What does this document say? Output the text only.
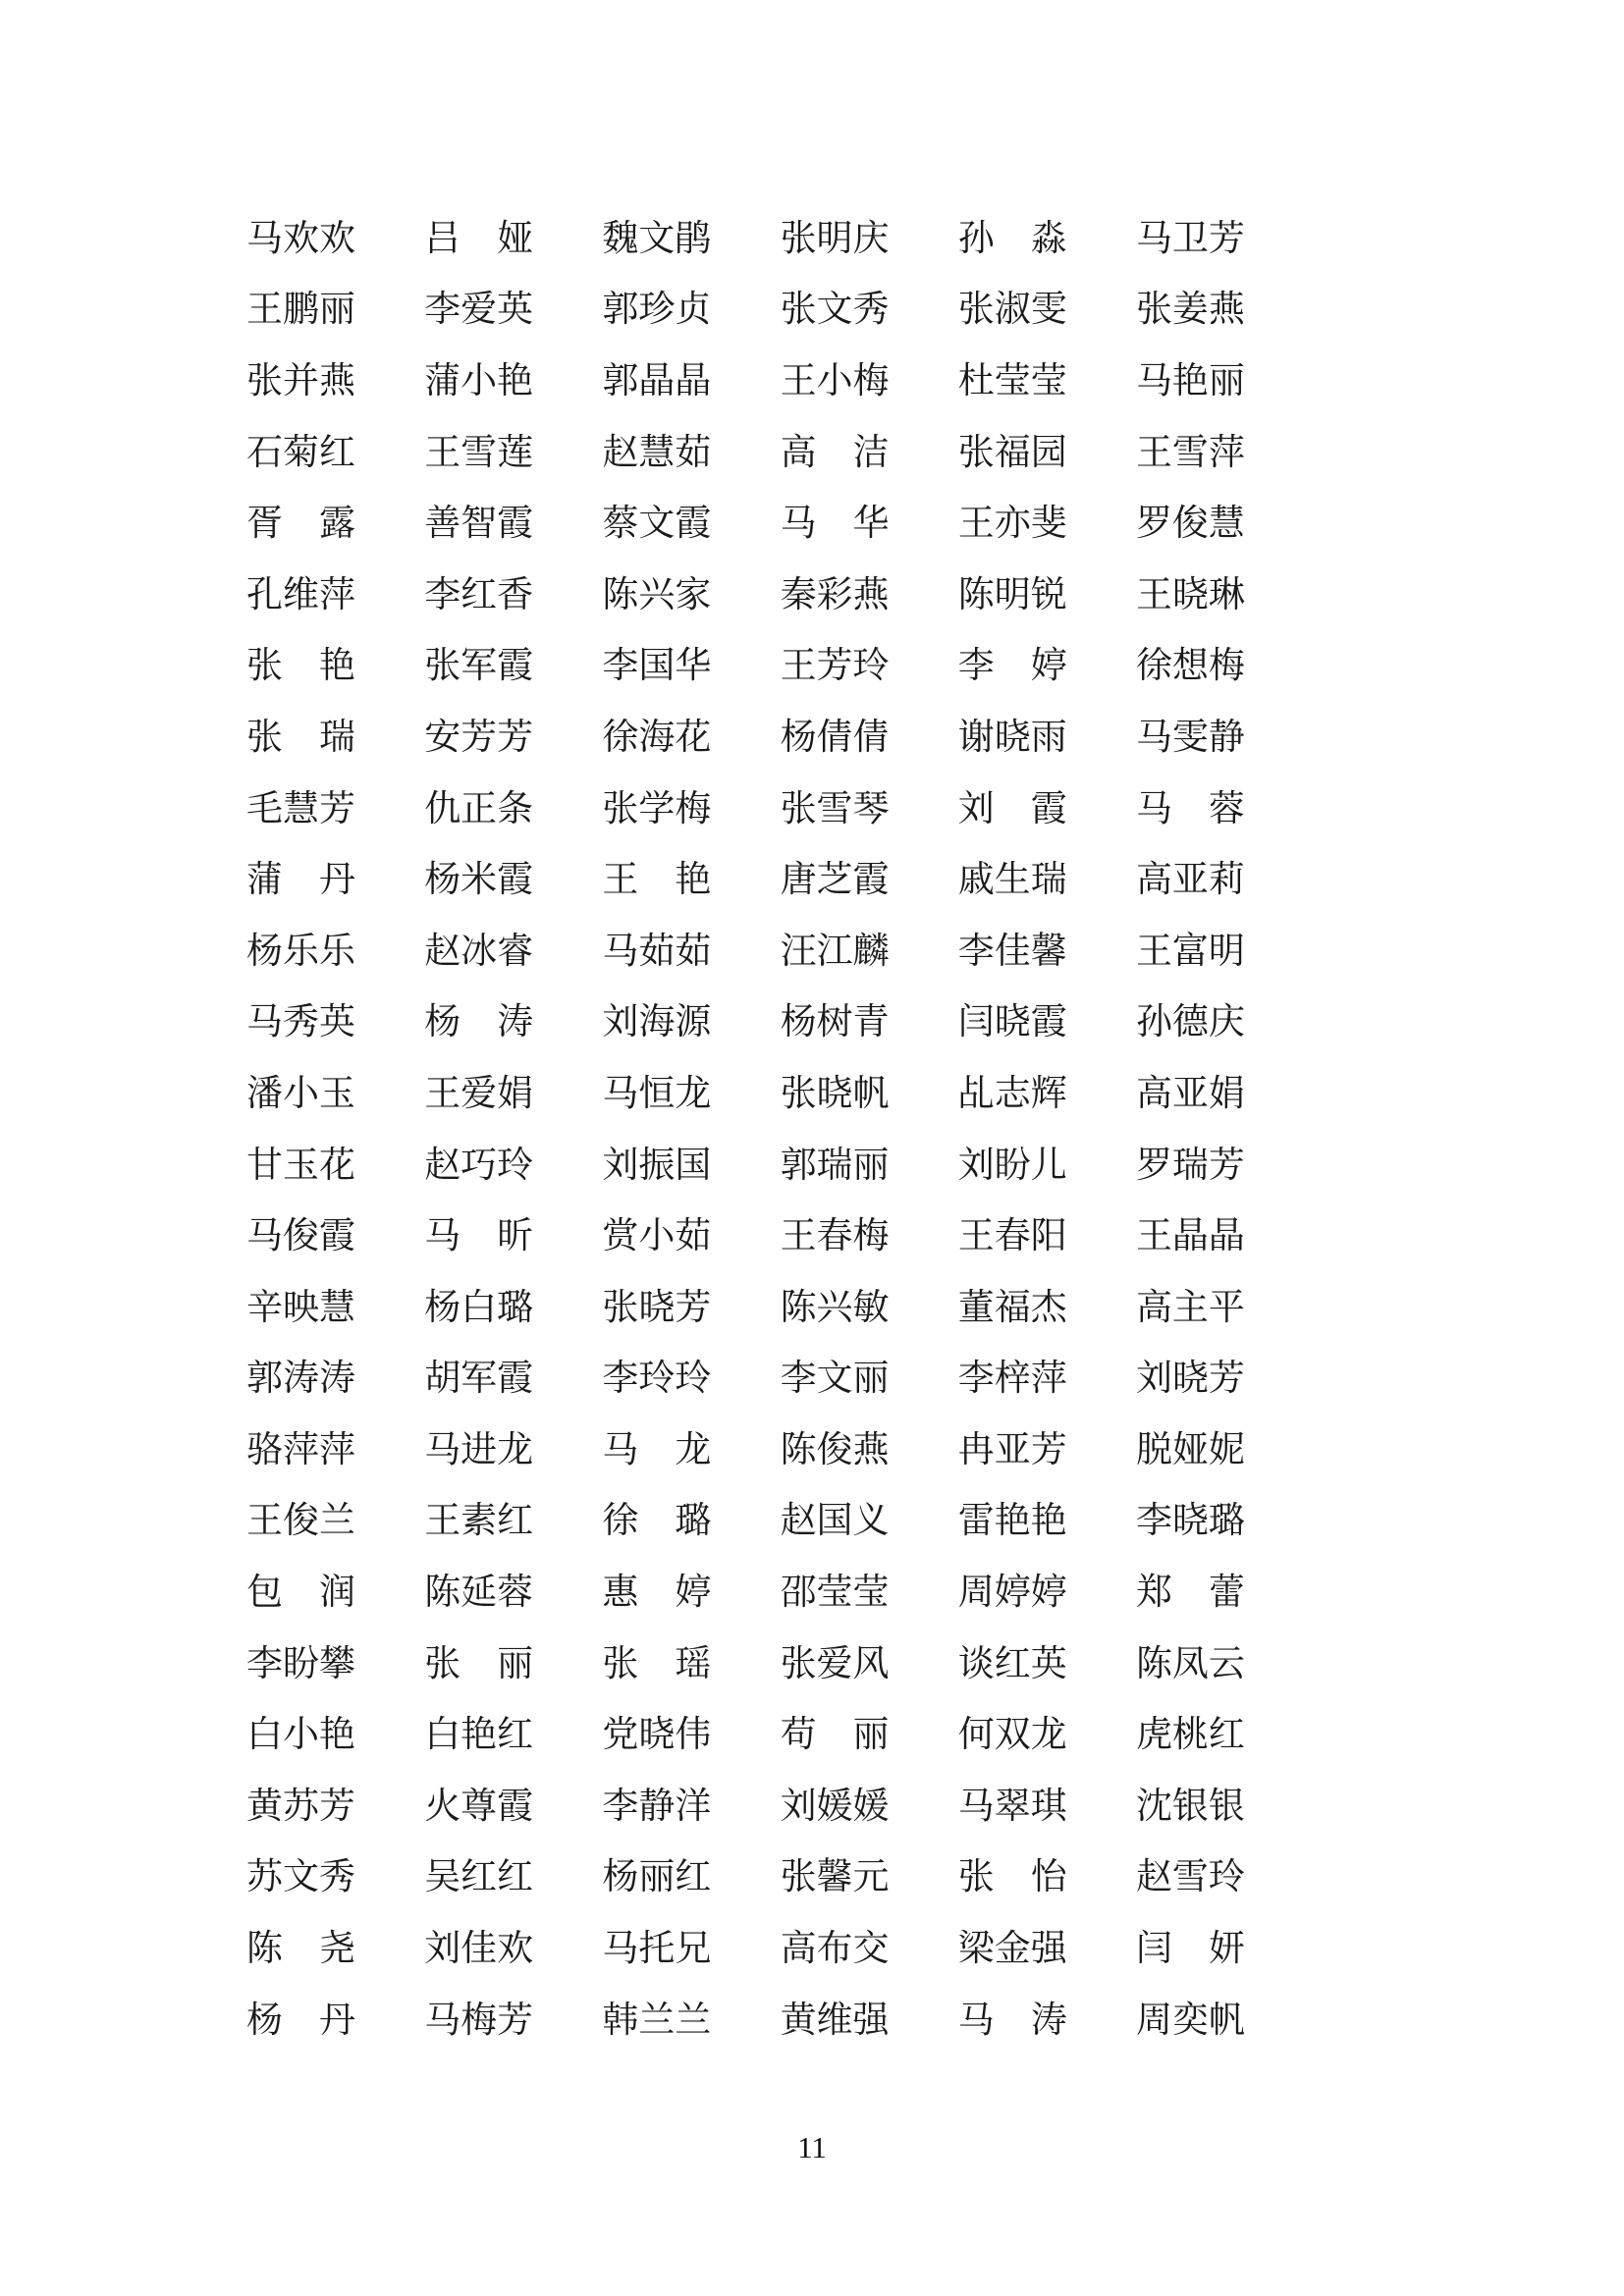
马欢欢 吕　娅 魏文鹃 张明庆 孙　淼 马卫芳
王鹏丽 李爱英 郭珍贞 张文秀 张淑雯 张姜燕
张并燕 蒲小艳 郭晶晶 王小梅 杜莹莹 马艳丽
石菊红 王雪莲 赵慧茹 高　洁 张福园 王雪萍
胥　露 善智霞 蔡文霞 马　华 王亦斐 罗俊慧
孔维萍 李红香 陈兴家 秦彩燕 陈明锐 王晓琳
张　艳 张军霞 李国华 王芳玲 李　婷 徐想梅
张　瑞 安芳芳 徐海花 杨倩倩 谢晓雨 马雯静
毛慧芳 仇正条 张学梅 张雪琴 刘　霞 马　蓉
蒲　丹 杨米霞 王　艳 唐芝霞 戚生瑞 高亚莉
杨乐乐 赵冰睿 马茹茹 汪江麟 李佳馨 王富明
马秀英 杨　涛 刘海源 杨树青 闫晓霞 孙德庆
潘小玉 王爱娟 马恒龙 张晓帆 乩志辉 高亚娟
甘玉花 赵巧玲 刘振国 郭瑞丽 刘盼儿 罗瑞芳
马俊霞 马　昕 赏小茹 王春梅 王春阳 王晶晶
辛映慧 杨白璐 张晓芳 陈兴敏 董福杰 高主平
郭涛涛 胡军霞 李玲玲 李文丽 李梓萍 刘晓芳
骆萍萍 马进龙 马　龙 陈俊燕 冉亚芳 脱娅妮
王俊兰 王素红 徐　璐 赵国义 雷艳艳 李晓璐
包　润 陈延蓉 惠　婷 邵莹莹 周婷婷 郑　蕾
李盼攀 张　丽 张　瑶 张爱风 谈红英 陈凤云
白小艳 白艳红 党晓伟 苟　丽 何双龙 虎桃红
黄苏芳 火尊霞 李静洋 刘媛媛 马翠琪 沈银银
苏文秀 吴红红 杨丽红 张馨元 张　怡 赵雪玲
陈　尧 刘佳欢 马托兄 高布交 梁金强 闫　妍
杨　丹 马梅芳 韩兰兰 黄维强 马　涛 周奕帆
11
